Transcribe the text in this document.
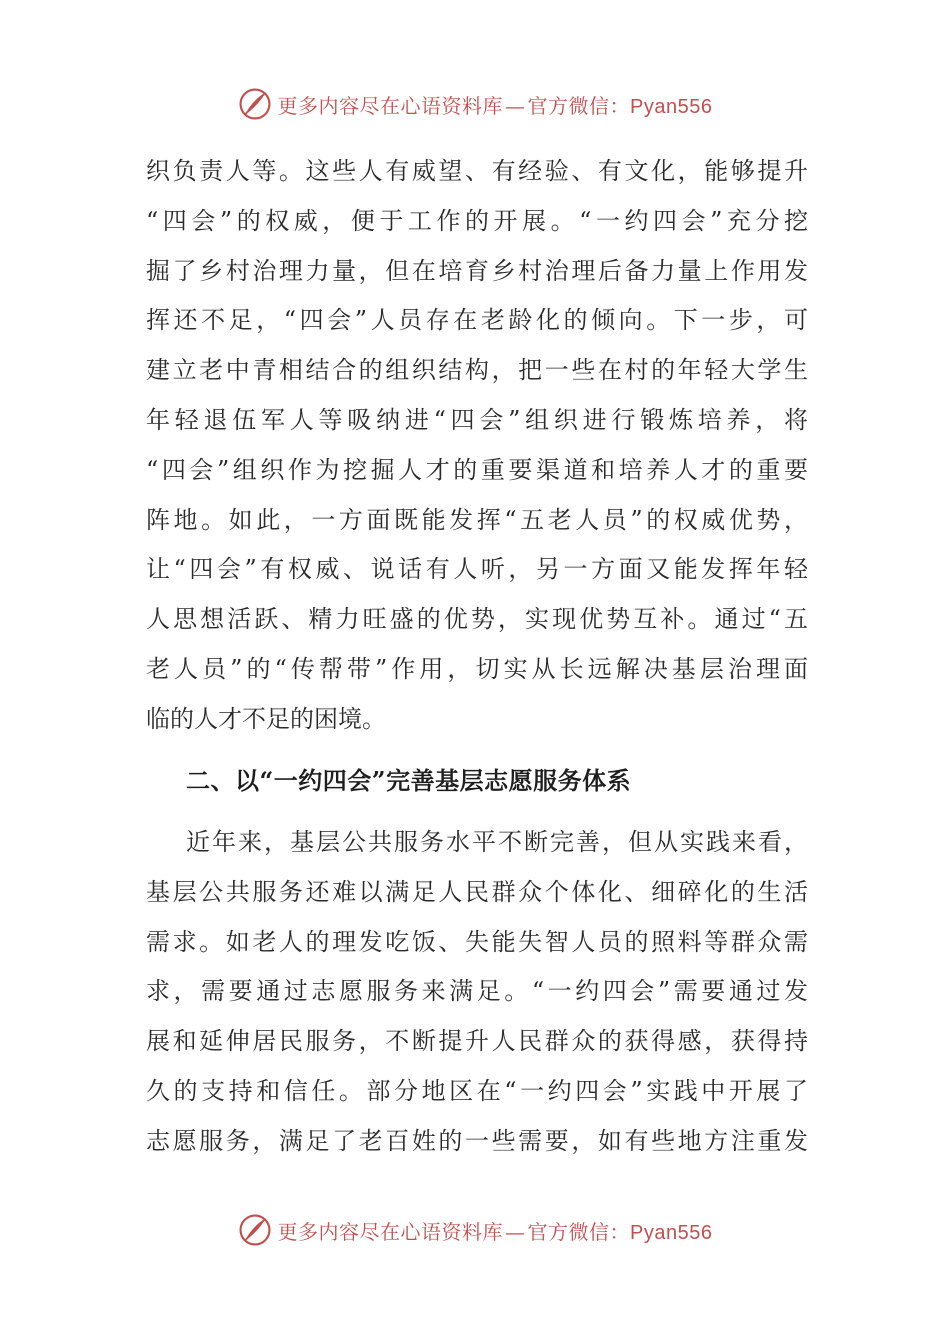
更多内容尽在心语资料库 — 官方微信：Pyan556
织负责人等。这些人有威望、有经验、有文化，能够提升
“四会”的权威，便于工作的开展。“一约四会”充分挖
掘了乡村治理力量，但在培育乡村治理后备力量上作用发
挥还不足，“四会”人员存在老龄化的倾向。下一步，可
建立老中青相结合的组织结构，把一些在村的年轻大学生
年轻退伍军人等吸纳进“四会”组织进行锻炼培养，将
“四会”组织作为挖掘人才的重要渠道和培养人才的重要
阵地。如此，一方面既能发挥“五老人员”的权威优势，
让“四会”有权威、说话有人听，另一方面又能发挥年轻
人思想活跃、精力旺盛的优势，实现优势互补。通过“五
老人员”的“传帮带”作用，切实从长远解决基层治理面
临的人才不足的困境。
二、以“一约四会”完善基层志愿服务体系
近年来，基层公共服务水平不断完善，但从实践来看，
基层公共服务还难以满足人民群众个体化、细碎化的生活
需求。如老人的理发吃饭、失能失智人员的照料等群众需
求，需要通过志愿服务来满足。“一约四会”需要通过发
展和延伸居民服务，不断提升人民群众的获得感，获得持
久的支持和信任。部分地区在“一约四会”实践中开展了
志愿服务，满足了老百姓的一些需要，如有些地方注重发
更多内容尽在心语资料库 — 官方微信：Pyan556
